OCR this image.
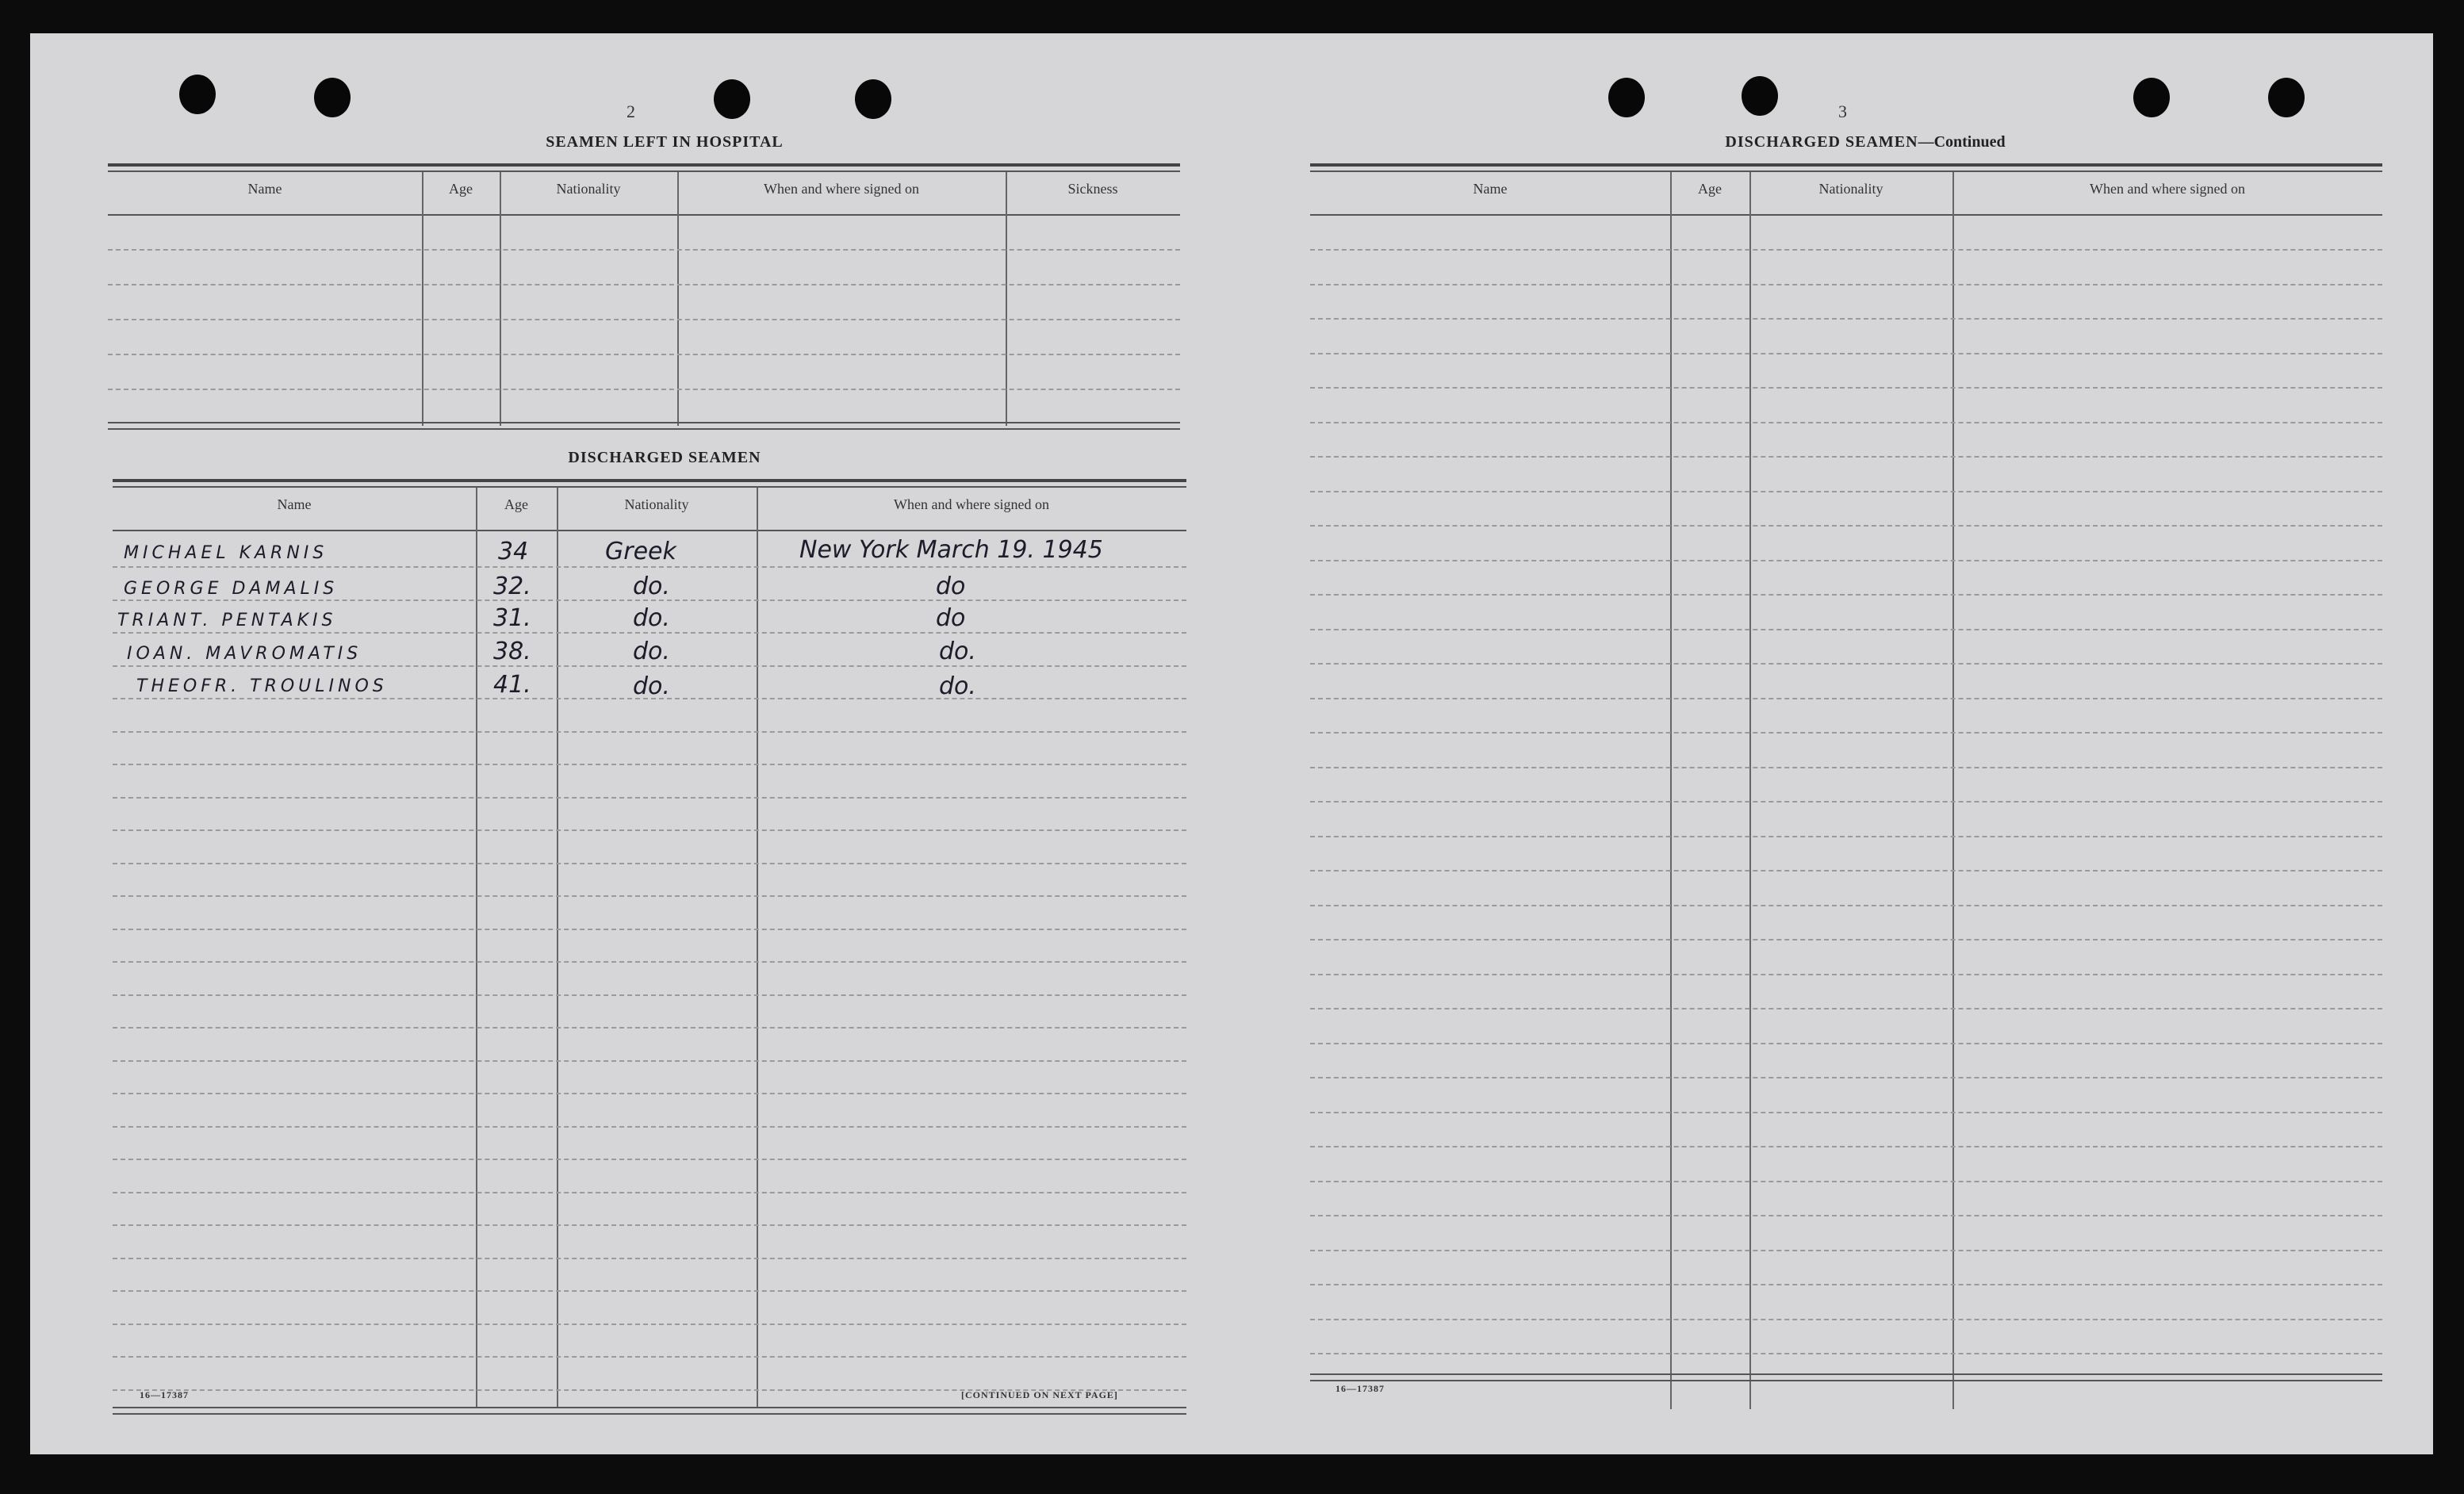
2
SEAMEN LEFT IN HOSPITAL
Name	Age	Nationality	When and where signed on	Sickness
DISCHARGED SEAMEN
Name	Age	Nationality	When and where signed on
MICHAEL KARNIS	34	Greek	New York March 19. 1945
GEORGE DAMALIS	32.	do.	do
TRIANT. PENTAKIS	31.	do.	do
IOAN. MAVROMATIS	38.	do.	do.
THEOFR. TROULINOS	41.	do.	do.
16—17387	[CONTINUED ON NEXT PAGE]
3
DISCHARGED SEAMEN—Continued
Name	Age	Nationality	When and where signed on
16—17387
